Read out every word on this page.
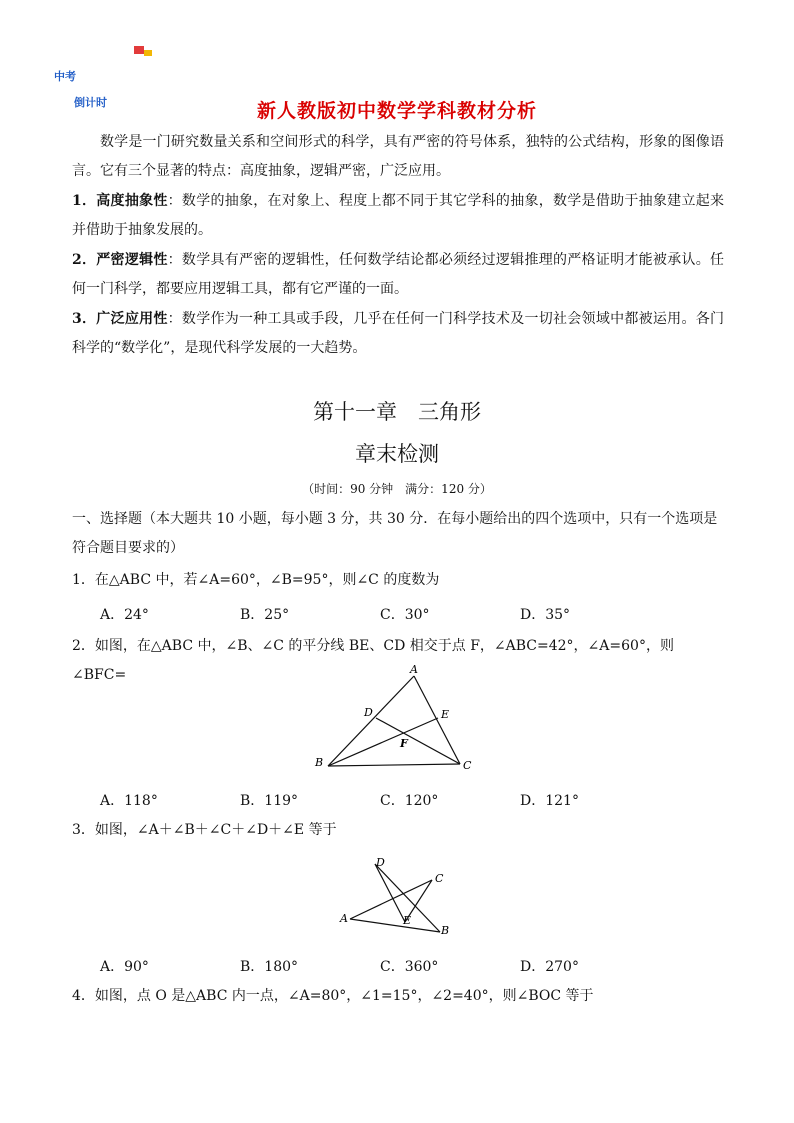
中考
倒计时	新人教版初中数学学科教材分析
数学是一门研究数量关系和空间形式的科学，具有严密的符号体系，独特的公式结构，形象的图像语言。它有三个显著的特点：高度抽象，逻辑严密，广泛应用。
1．高度抽象性：数学的抽象，在对象上、程度上都不同于其它学科的抽象，数学是借助于抽象建立起来并借助于抽象发展的。
2．严密逻辑性：数学具有严密的逻辑性，任何数学结论都必须经过逻辑推理的严格证明才能被承认。任何一门科学，都要应用逻辑工具，都有它严谨的一面。
3．广泛应用性：数学作为一种工具或手段，几乎在任何一门科学技术及一切社会领域中都被运用。各门科学的“数学化”，是现代科学发展的一大趋势。
第十一章　三角形
章末检测
（时间：90 分钟　满分：120 分）
一、选择题（本大题共 10 小题，每小题 3 分，共 30 分．在每小题给出的四个选项中，只有一个选项是符合题目要求的）
1．在△ABC 中，若∠A=60°，∠B=95°，则∠C 的度数为
A．24°	B．25°	C．30°	D．35°
2．如图，在△ABC 中，∠B、∠C 的平分线 BE、CD 相交于点 F，∠ABC=42°，∠A=60°，则∠BFC=	A
B	C
D	E
F
A．118°	B．119°	C．120°	D．121°
3．如图，∠A＋∠B＋∠C＋∠D＋∠E 等于
D
C
A
B
E
A．90°	B．180°	C．360°	D．270°
4．如图，点 O 是△ABC 内一点，∠A=80°，∠1=15°，∠2=40°，则∠BOC 等于
